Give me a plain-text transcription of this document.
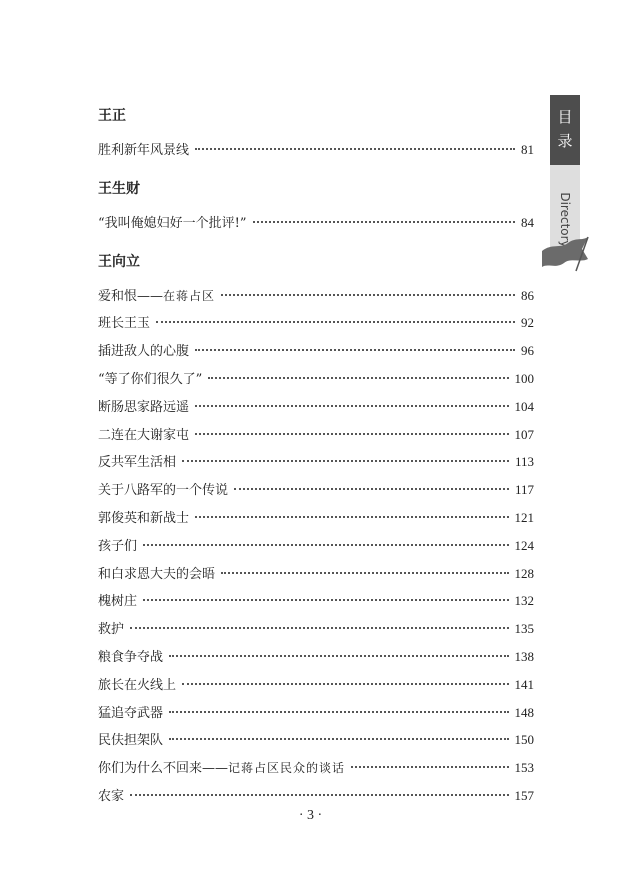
王正
胜利新年风景线	81
王生财
“我叫俺媳妇好一个批评!”	84
王向立
爱和恨——在蒋占区	86
班长王玉	92
插进敌人的心腹	96
“等了你们很久了”	100
断肠思家路远遥	104
二连在大谢家屯	107
反共军生活相	113
关于八路军的一个传说	117
郭俊英和新战士	121
孩子们	124
和白求恩大夫的会晤	128
槐树庄	132
救护	135
粮食争夺战	138
旅长在火线上	141
猛追夺武器	148
民伕担架队	150
你们为什么不回来——记蒋占区民众的谈话	153
农家	157
· 3 ·
目
录
Directory
